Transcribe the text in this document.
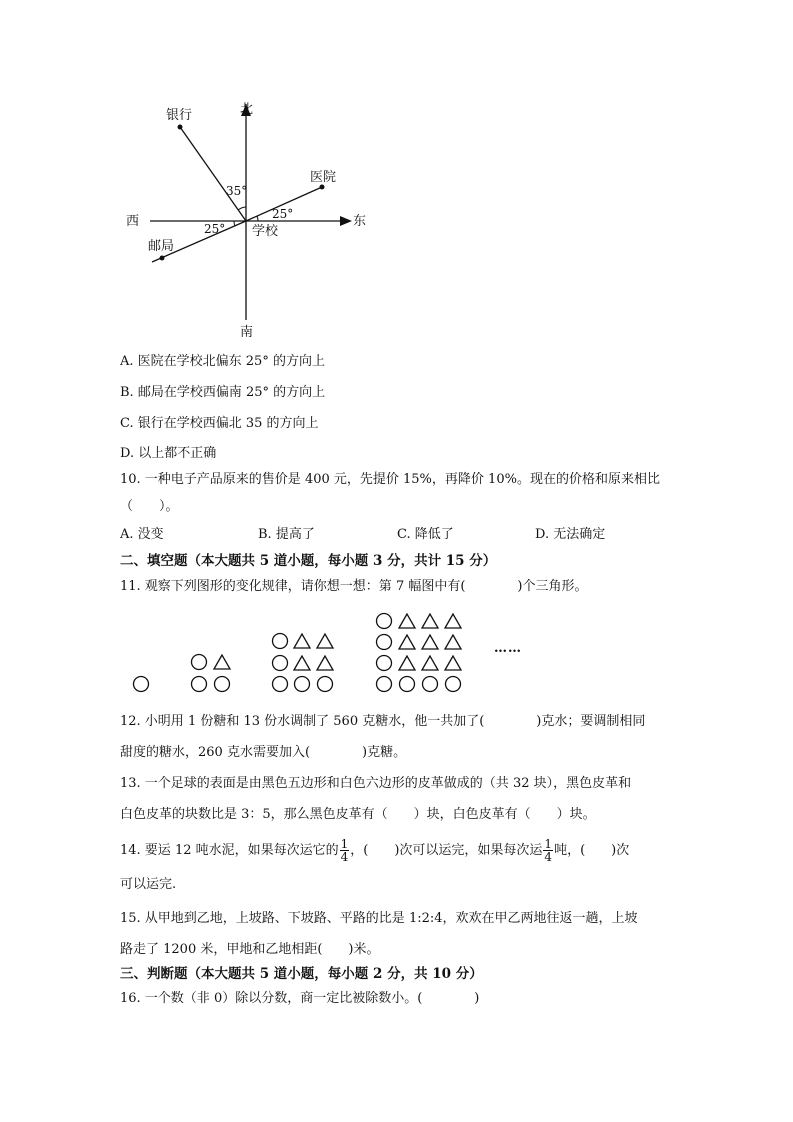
北
南
东
西
银行
医院
邮局
学校
35°
25°
25°
A. 医院在学校北偏东 25° 的方向上
B. 邮局在学校西偏南 25° 的方向上
C. 银行在学校西偏北 35 的方向上
D. 以上都不正确
10. 一种电子产品原来的售价是 400 元，先提价 15%，再降价 10%。现在的价格和原来相比
（　　）。
A. 没变	B. 提高了	C. 降低了	D. 无法确定
二、填空题（本大题共 5 道小题，每小题 3 分，共计 15 分）
11. 观察下列图形的变化规律，请你想一想：第 7 幅图中有(　　　　)个三角形。
……
12. 小明用 1 份糖和 13 份水调制了 560 克糖水，他一共加了(　　　　)克水；要调制相同
甜度的糖水，260 克水需要加入(　　　　)克糖。
13. 一个足球的表面是由黑色五边形和白色六边形的皮革做成的（共 32 块），黑色皮革和
白色皮革的块数比是 3：5，那么黑色皮革有（　　）块，白色皮革有（　　）块。
14. 要运 12 吨水泥，如果每次运它的 $\frac{1}{4}$ ，(　　)次可以运完，如果每次运 $\frac{1}{4}$ 吨，(　　)次
可以运完.
15. 从甲地到乙地，上坡路、下坡路、平路的比是 1:2:4，欢欢在甲乙两地往返一趟，上坡
路走了 1200 米，甲地和乙地相距(　　)米。
三、判断题（本大题共 5 道小题，每小题 2 分，共 10 分）
16. 一个数（非 0）除以分数，商一定比被除数小。(　　　　)
